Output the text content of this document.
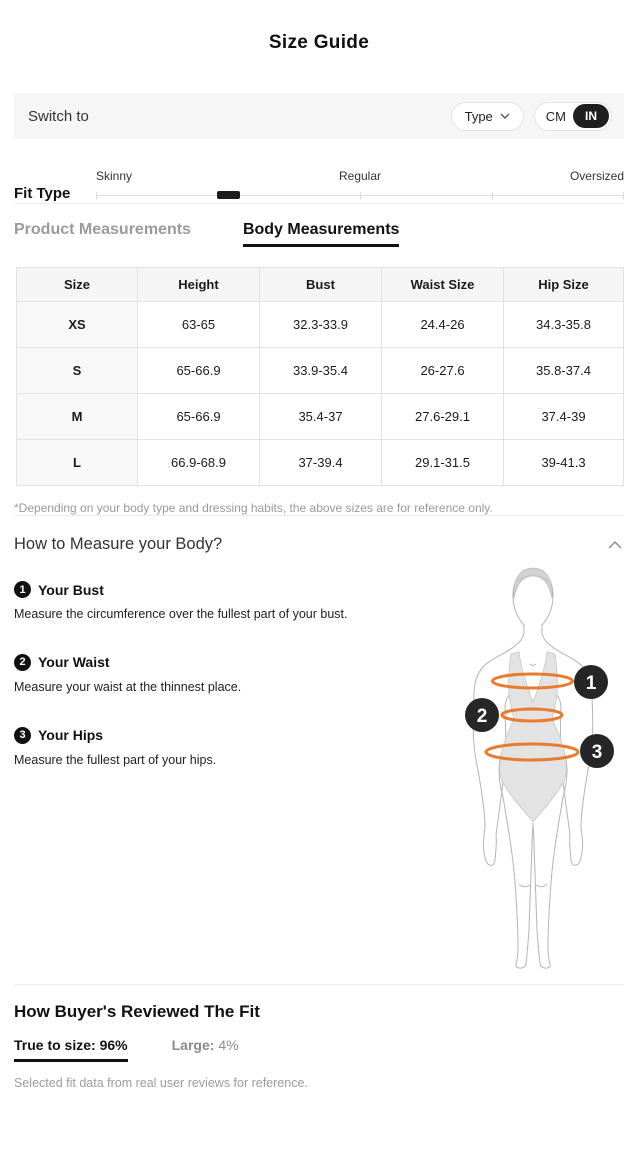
Size Guide
Switch to	Type	CM	IN
Fit Type
Skinny	Regular	Oversized
Product Measurements	Body Measurements
Size	Height	Bust	Waist Size	Hip Size
XS	63-65	32.3-33.9	24.4-26	34.3-35.8
S	65-66.9	33.9-35.4	26-27.6	35.8-37.4
M	65-66.9	35.4-37	27.6-29.1	37.4-39
L	66.9-68.9	37-39.4	29.1-31.5	39-41.3

*Depending on your body type and dressing habits, the above sizes are for reference only.

How to Measure your Body?
1 Your Bust

Measure the circumference over the fullest part of your bust.

2 Your Waist

Measure your waist at the thinnest place.

3 Your Hips

Measure the fullest part of your hips.

1
2
3
How Buyer's Reviewed The Fit
True to size : 96%	Large : 4%

Selected fit data from real user reviews for reference.
